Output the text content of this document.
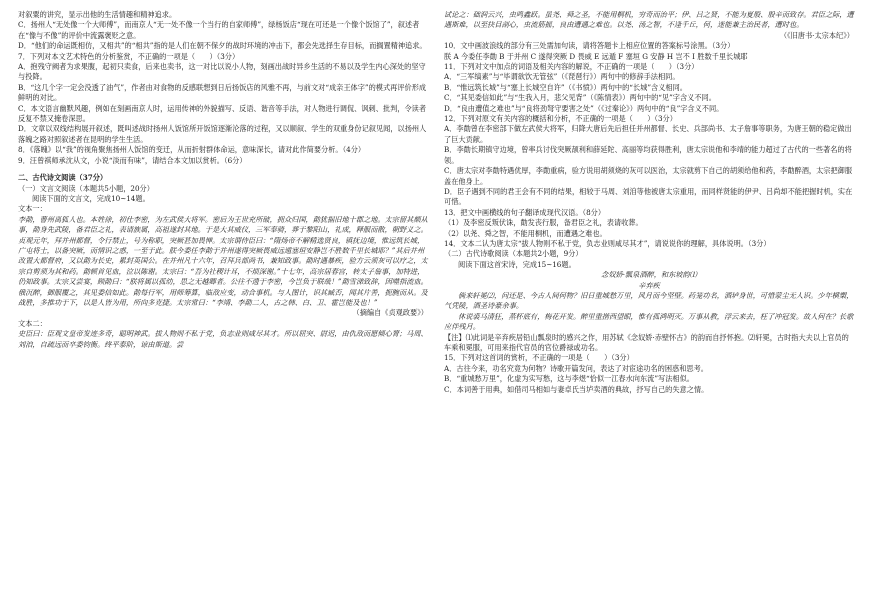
对叙粟的讲究，显示出他的生活情趣和精神追求。

C．扬州人“无处像一个大师傅”，而南京人“无一处不像一个当行的自家师傅”，绿杨饭店“现在可还是一个像个饭馆了”，叙述者在“像与不像”的评价中流露褒贬之意。

D．“他们的命运既相仿，又相共”的“相共”指的是人们在朝不保夕的战时环境的冲击下，都会先选择生存目标，而搁置精神追求。

7．下列对本文艺术特色的分析鉴赏，不正确的一项是（　　）（3分）

A．抱残守阙者为求果腹，起初只卖食，后来也卖书，这一对比以说小人物，刻画出战时异乡生活的不易以及学生内心深处的坚守与投降。

B．“这几个字一定会没透了油气”，作者由对食物的反感联想到日后扬饭店的风雅不再，与前文对“成亲王体字”的模式再评价形成鲜明的对比。

C．本文语言幽默风趣，例如在刻画南京人时，运用传神的外貌描写、反语、谐音等手法，对人物进行调侃、讽刺、批判，令读者反复不禁又掩卷深思。

D．文章以双线结构展开叙述，既叫述战时扬州人饭馆所开饭馆逐渐沦落的过程，又以顺叙、学生的双重身份记叙见闻，以扬州人落魄之路对照叙述者在昆明的学生生活。

8．《落魄》以“我”的视角聚焦扬州人饭馆的变迁，从而折射群体命运，意味深长，请对此作简要分析。（4分）

9．汪曾祺师承沈从文，小说“淡而有味”，请结合本文加以赏析。（6分）

二、古代诗文阅读（37分）

（一）文言文阅读（本题共5小题，20分）

阅读下面的文言文，完成10~14题。

文本一：

李勣，曹州离狐人也。本姓徐，初仕李密，为左武侯大将军。密后为王世充所破，拥众归国，勣犹据旧地十郡之地。太宗留其颇从事，勣身先武陵，备君臣之礼，表请族属，高祖遂封其地。于是大其威仪，三军奉骑，葬于黎阳山，礼成，释服而散，朝野义之。贞观元年，拜并州都督，令行禁止，号为称职，突厥甚加畏惮。太宗谓侍臣曰：“隋炀帝不解精选贤良，镇抚边境，惟远筑长城，广屯将士，以备突厥，而情识之惑，一至于此。朕今委任李勣于并州遂得突厥畏威远遁塞垣安静岂不胜数千里长城耶？”其后并州改置大都督府，又以勣为长史，累封英国公。在并州凡十六年，召拜兵部尚书，兼知政事。勣时遇暴疾，验方云须灰可以疗之，太宗自剪须为其和药。勣顿首见血，泣以陈谢。太宗曰：“吾为社稷计耳，不烦深谢。”十七年，高宗居春宫，转太子詹事，加特进，仍知政事。太宗又尝宴，顾勣曰：“朕将属以孤幼，思之无越卿者。公往不遗于李密，今岂负于联哉！”勣雪涕致辞，因噬指流血。俄沉醉，御服覆之，其见委信如此。勣每行军，用师筹算，临敌应变，动合事机。与人图计，识其臧否，闻其片善，扼腕而从。及战胜，多推功于下，以是人皆为用，所向多克捷。太宗常曰：“李靖、李勣二人，古之韩、白、卫、霍岂能及也！”

（摘编自《贞观政要》）

文本二：

史臣曰：臣观文皇帝发迹多奇，聪明神武。拔人物则不私于党，负志业则咸尽其才。所以屈突、尉迟，由仇敌而愿倾心膂；马周、刘洎，自疏远而卒委钧衡。终平泰阶，谅由斯道。尝

试论之：础润云兴，虫鸣鑫跃。虽尧、舜之圣，不能用桐机，穷奇而治平；伊、吕之贤，不能为夏殷、殷辛而致存。君臣之际，遭遇斯难，以至抉目剖心，虫流筋摇，良由遭遇之难也。以尧、汤之智，不逢千丘，何，迷能兼主治民者，遭时也。

（《旧唐书·太宗本纪》）

10．文中画波浪线的部分有三处需加句读，请将答题卡上相应位置的答案标号涂黑。（3分）

朕 A 今委任李勣 B 于并州 C 遂得突厥 D 畏威 E 远遁 F 塞垣 G 安静 H 岂不 I 胜数千里长城耶

11．下列对文中加点的词语及相关内容的解说，不正确的一项是（　　）（3分）

A．“三军缟素”与“毕谓欲饮无管弦”（《琵琶行》）两句中的修辞手法相同。

B．“惟远筑长城”与“塞上长城空自许”（《书愤》）两句中的“长城”含义相同。

C．“其见委信如此”与“生我入月，悲父见背”（《陈情表》）两句中的“见”字含义不同。

D．“良由遭值之难也”与“良将劲弩守要害之处”（《过秦论》）两句中的“良”字含义不同。

12．下列对原文有关内容的概括和分析，不正确的一项是（　　）（3分）

A．李勣曾在李密部下做左武侯大将军，归降大唐后先后担任并州都督、长史、兵部尚书、太子詹事等职务，为唐王朝的稳定做出了巨大贡献。

B．李勣长期镇守边境，曾率兵讨伐突厥颉利和薛延陀、高丽等均获得胜利，唐太宗说他和李靖的能力超过了古代的一些著名的将领。

C．唐太宗对李勣特遇优厚，李勣重病，验方说用胡须烧的灰可以医治，太宗就剪下自己的胡须给他和药，李勣醉酒，太宗把御服盖在他身上。

D．臣子遇到不同的君王会有不同的结果，相较于马周、刘洎等他被唐太宗重用，而同样贤能的伊尹、吕尚却不能把握时机，实在可惜。

13．把文中画横线的句子翻译成现代汉语。（8分）

（1）及李密反叛伏诛，勣发丧行服，备君臣之礼，表请收葬。

（2）以尧、舜之智，不能用桐机，而遭遇之难也。

14．文本二认为唐太宗“拔人物则不私于党，负志业则咸尽其才”，请说说你的理解，具体说明。（3分）

（二）古代诗歌阅读（本题共2小题，9分）

阅读下面这首宋诗，完成15~16题。

念奴娇·瓢泉酒醉，和东坡韵⑴

辛弃疾

倘来轩冕⑵，问还是、今古人间何物？旧日重城愁万里，风月而今坚壁。药笼功名，酒垆身世，可惜蒙尘无人识。少年横槊，气凭陵，酒圣诗豪余事。

休说裘马清狂，蒸杯底有，梅花开发。醉里重揩西望眼，惟有孤鸿明灭。万事从教，浮云来去，枉了冲冠发。故人何在？长歌应伴残月。

【注】⑴此词是辛弃疾居铅山瓢泉时的感兴之作，用苏轼《念奴娇·赤壁怀古》的韵而自抒怀抱。⑵轩冕，古时指大夫以上官员的车乘和冕服，可用来指代官员的官位爵禄或功名。

15．下列对这首词的赏析，不正确的一项是（　　）（3分）

A．古往今来，功名究竟为何物？诗歌开篇发问，表达了对宦途功名的困惑和思考。

B．“重城愁万里”，化虚为实写愁，这与李煜“恰似一江春水向东流”写法相似。

C．本词善于用典，如借司马相如与妻卓氏当垆卖酒的典故，抒写自己的失意之情。
